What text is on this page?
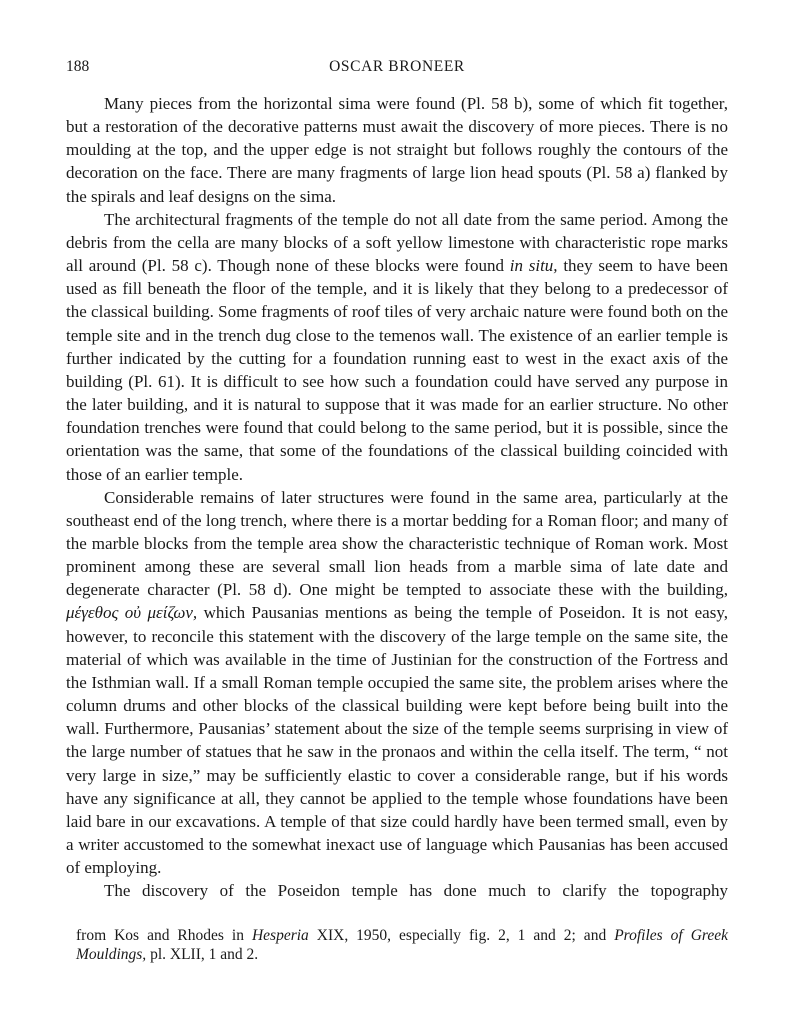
188	OSCAR BRONEER

Many pieces from the horizontal sima were found (Pl. 58 b), some of which fit together, but a restoration of the decorative patterns must await the discovery of more pieces. There is no moulding at the top, and the upper edge is not straight but follows roughly the contours of the decoration on the face. There are many fragments of large lion head spouts (Pl. 58 a) flanked by the spirals and leaf designs on the sima.

The architectural fragments of the temple do not all date from the same period. Among the debris from the cella are many blocks of a soft yellow limestone with characteristic rope marks all around (Pl. 58 c). Though none of these blocks were found in situ, they seem to have been used as fill beneath the floor of the temple, and it is likely that they belong to a predecessor of the classical building. Some fragments of roof tiles of very archaic nature were found both on the temple site and in the trench dug close to the temenos wall. The existence of an earlier temple is further indicated by the cutting for a foundation running east to west in the exact axis of the building (Pl. 61). It is difficult to see how such a foundation could have served any purpose in the later building, and it is natural to suppose that it was made for an earlier structure. No other foundation trenches were found that could belong to the same period, but it is possible, since the orientation was the same, that some of the foundations of the classical building coincided with those of an earlier temple.

Considerable remains of later structures were found in the same area, particularly at the southeast end of the long trench, where there is a mortar bedding for a Roman floor; and many of the marble blocks from the temple area show the characteristic technique of Roman work. Most prominent among these are several small lion heads from a marble sima of late date and degenerate character (Pl. 58 d). One might be tempted to associate these with the building, μέγεθος οὐ μείζων, which Pausanias mentions as being the temple of Poseidon. It is not easy, however, to reconcile this statement with the discovery of the large temple on the same site, the material of which was available in the time of Justinian for the construction of the Fortress and the Isthmian wall. If a small Roman temple occupied the same site, the problem arises where the column drums and other blocks of the classical building were kept before being built into the wall. Furthermore, Pausanias’ statement about the size of the temple seems surprising in view of the large number of statues that he saw in the pronaos and within the cella itself. The term, “ not very large in size,” may be sufficiently elastic to cover a considerable range, but if his words have any significance at all, they cannot be applied to the temple whose foundations have been laid bare in our excavations. A temple of that size could hardly have been termed small, even by a writer accustomed to the somewhat inexact use of language which Pausanias has been accused of employing.

The discovery of the Poseidon temple has done much to clarify the topography

from Kos and Rhodes in Hesperia XIX, 1950, especially fig. 2, 1 and 2; and Profiles of Greek Mouldings, pl. XLII, 1 and 2.
